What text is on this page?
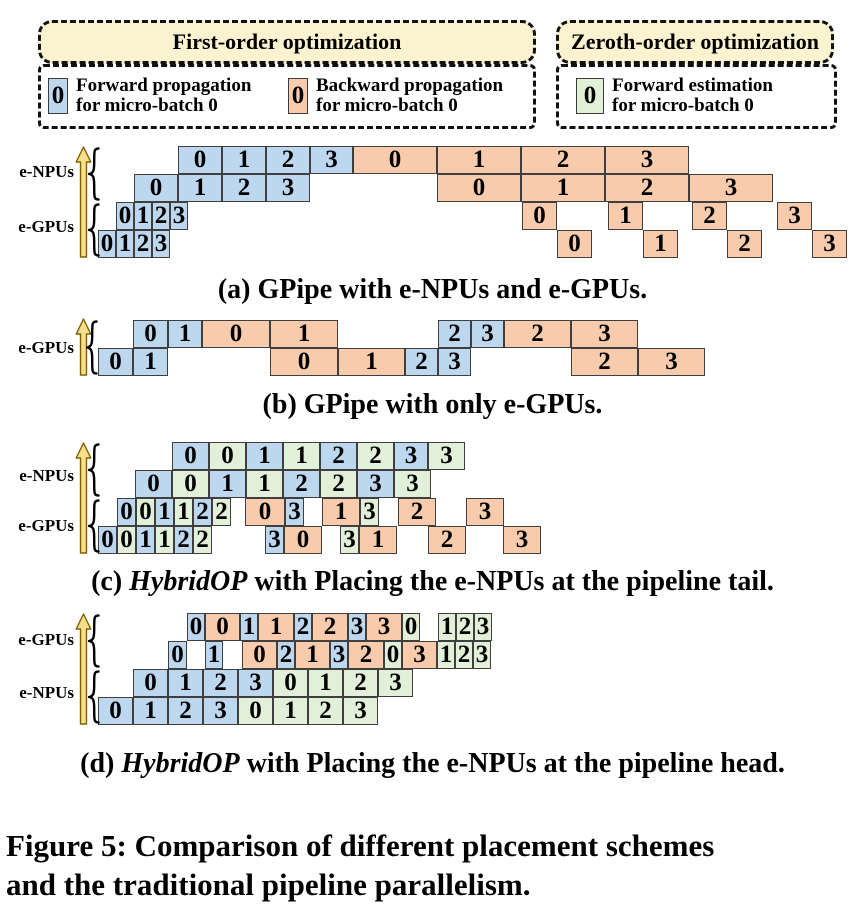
First-order optimization
0 Forward propagation
for micro-batch 0	0 Backward propagation
for micro-batch 0
Zeroth-order optimization
0 Forward estimation
for micro-batch 0
0	1	2	3	0	1	2	3
0	1	2	3	0	1	2	3
0 1 2 3	0	1	2	3
0 1 2 3	0	1	2	3
e-NPUs
e-GPUs
0 1	0	1	2 3	2	3
0 1	0	1	2 3	2	3
e-GPUs
0 0 1 1 2 2 3 3
0 0 1 1 2 2 3 3
0 0 1 1 2 2	0 3	1 3	2	3
0 0 1 1 2 2 3 0	3 1	2	3
e-NPUs
e-GPUs
0 0 1 1 2 2 3 3 0 1 2 3
0 1	0 2 1 3 2 0 3 1 2 3
0 1 2 3 0 1 2 3
0 1 2 3 0 1 2 3
e-GPUs
e-NPUs
(a) GPipe with e-NPUs and e-GPUs.
(b) GPipe with only e-GPUs.
(c) HybridOP with Placing the e-NPUs at the pipeline tail.
(d) HybridOP with Placing the e-NPUs at the pipeline head.
Figure 5: Comparison of different placement schemes
and the traditional pipeline parallelism.
